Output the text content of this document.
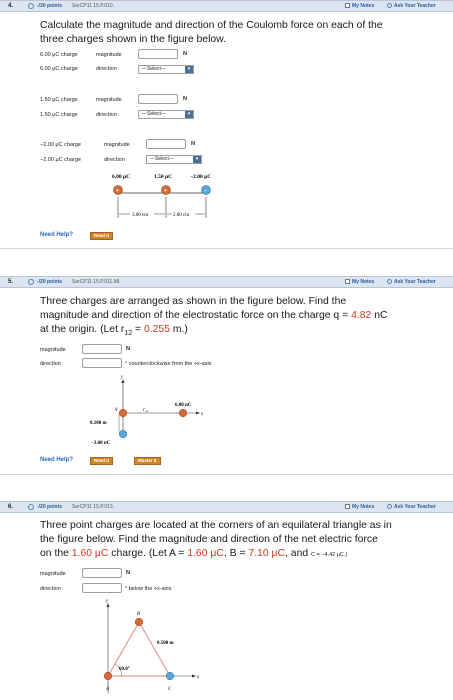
4.	-/30 points SerCP11 15.P.010.	My Notes	Ask Your Teacher
Calculate the magnitude and direction of the Coulomb force on each of the
three charges shown in the figure below.
6.00 μC charge	magnitude	N
6.00 μC charge	direction	---Select---	▾
1.50 μC charge	magnitude	N
1.50 μC charge	direction	---Select---	▾
−2.00 μC charge	magnitude	N
−2.00 μC charge	direction	---Select---	▾
6.00 μC	1.50 μC	−2.00 μC
+	+	−
3.00 cm	2.00 cm
Need Help?	Read It
5.	-/20 points SerCP11 15.P.011.MI.	My Notes	Ask Your Teacher
Three charges are arranged as shown in the figure below. Find the
magnitude and direction of the electrostatic force on the charge q = 4.82 nC
at the origin. (Let $r_{12} = 0.255$ m.)
magnitude	N
direction	° counterclockwise from the +x-axis
y
x
q	r₁₂
6.00 nC
0.100 m
−3.00 nC
Need Help?	Read It	Master It
6.	-/20 points SerCP11 15.P.013.	My Notes	Ask Your Teacher
Three point charges are located at the corners of an equilateral triangle as in
the figure below. Find the magnitude and direction of the net electric force
on the 1.60 μC charge. (Let A = 1.60 μC, B = 7.10 μC, and C = −4.42 μC.)
magnitude	N
direction	° below the +x-axis
y
x
B
0.500 m
60.0°
A	C
